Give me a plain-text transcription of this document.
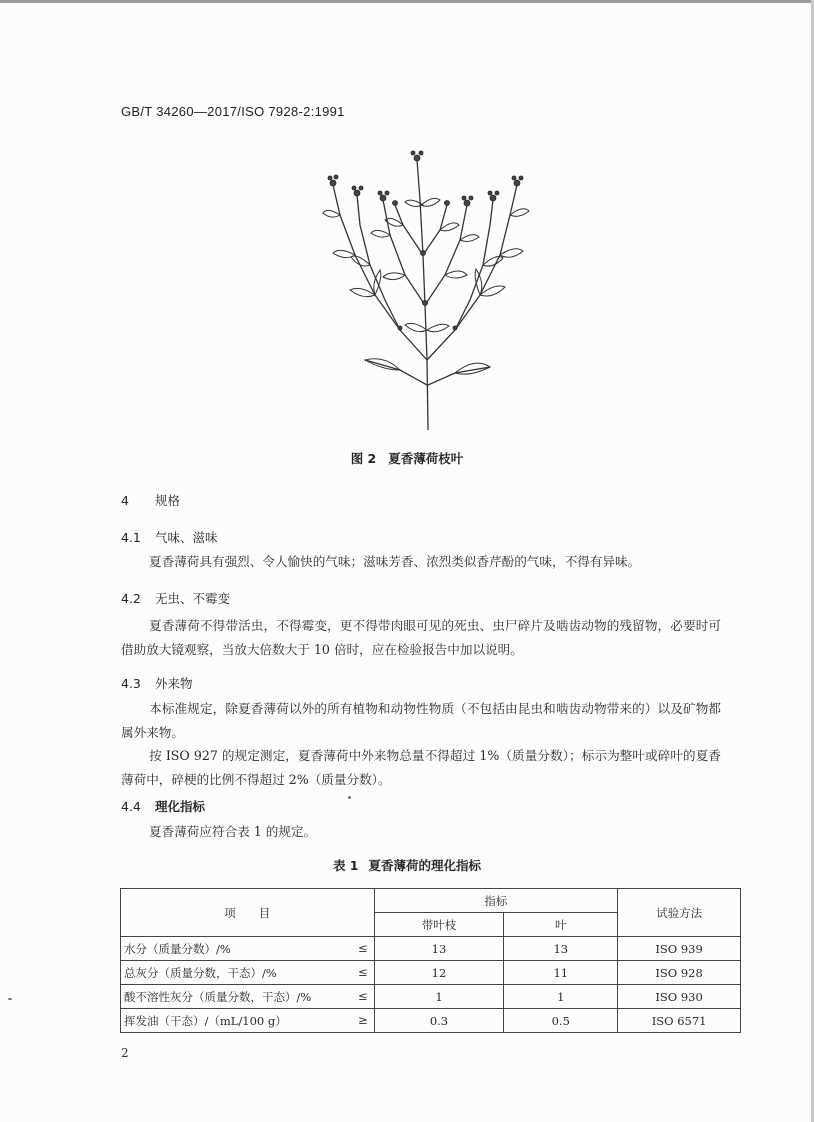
GB/T 34260—2017/ISO 7928-2:1991
图 2 夏香薄荷枝叶
4 规格
4.1 气味、滋味
夏香薄荷具有强烈、令人愉快的气味；滋味芳香、浓烈类似香芹酚的气味，不得有异味。
4.2 无虫、不霉变
夏香薄荷不得带活虫，不得霉变，更不得带肉眼可见的死虫、虫尸碎片及啮齿动物的残留物，必要时可借助放大镜观察，当放大倍数大于 10 倍时，应在检验报告中加以说明。
4.3 外来物
本标准规定，除夏香薄荷以外的所有植物和动物性物质（不包括由昆虫和啮齿动物带来的）以及矿物都属外来物。
按 ISO 927 的规定测定，夏香薄荷中外来物总量不得超过 1%（质量分数）；标示为整叶或碎叶的夏香薄荷中，碎梗的比例不得超过 2%（质量分数）。
4.4 理化指标
夏香薄荷应符合表 1 的规定。
表 1 夏香薄荷的理化指标
项　　目	指标		试验方法
	带叶枝	叶	
水分（质量分数）/% ≤	13	13	ISO 939
总灰分（质量分数，干态）/% ≤	12	11	ISO 928
酸不溶性灰分（质量分数，干态）/% ≤	1	1	ISO 930
挥发油（干态）/（mL/100 g） ≥	0.3	0.5	ISO 6571
2
